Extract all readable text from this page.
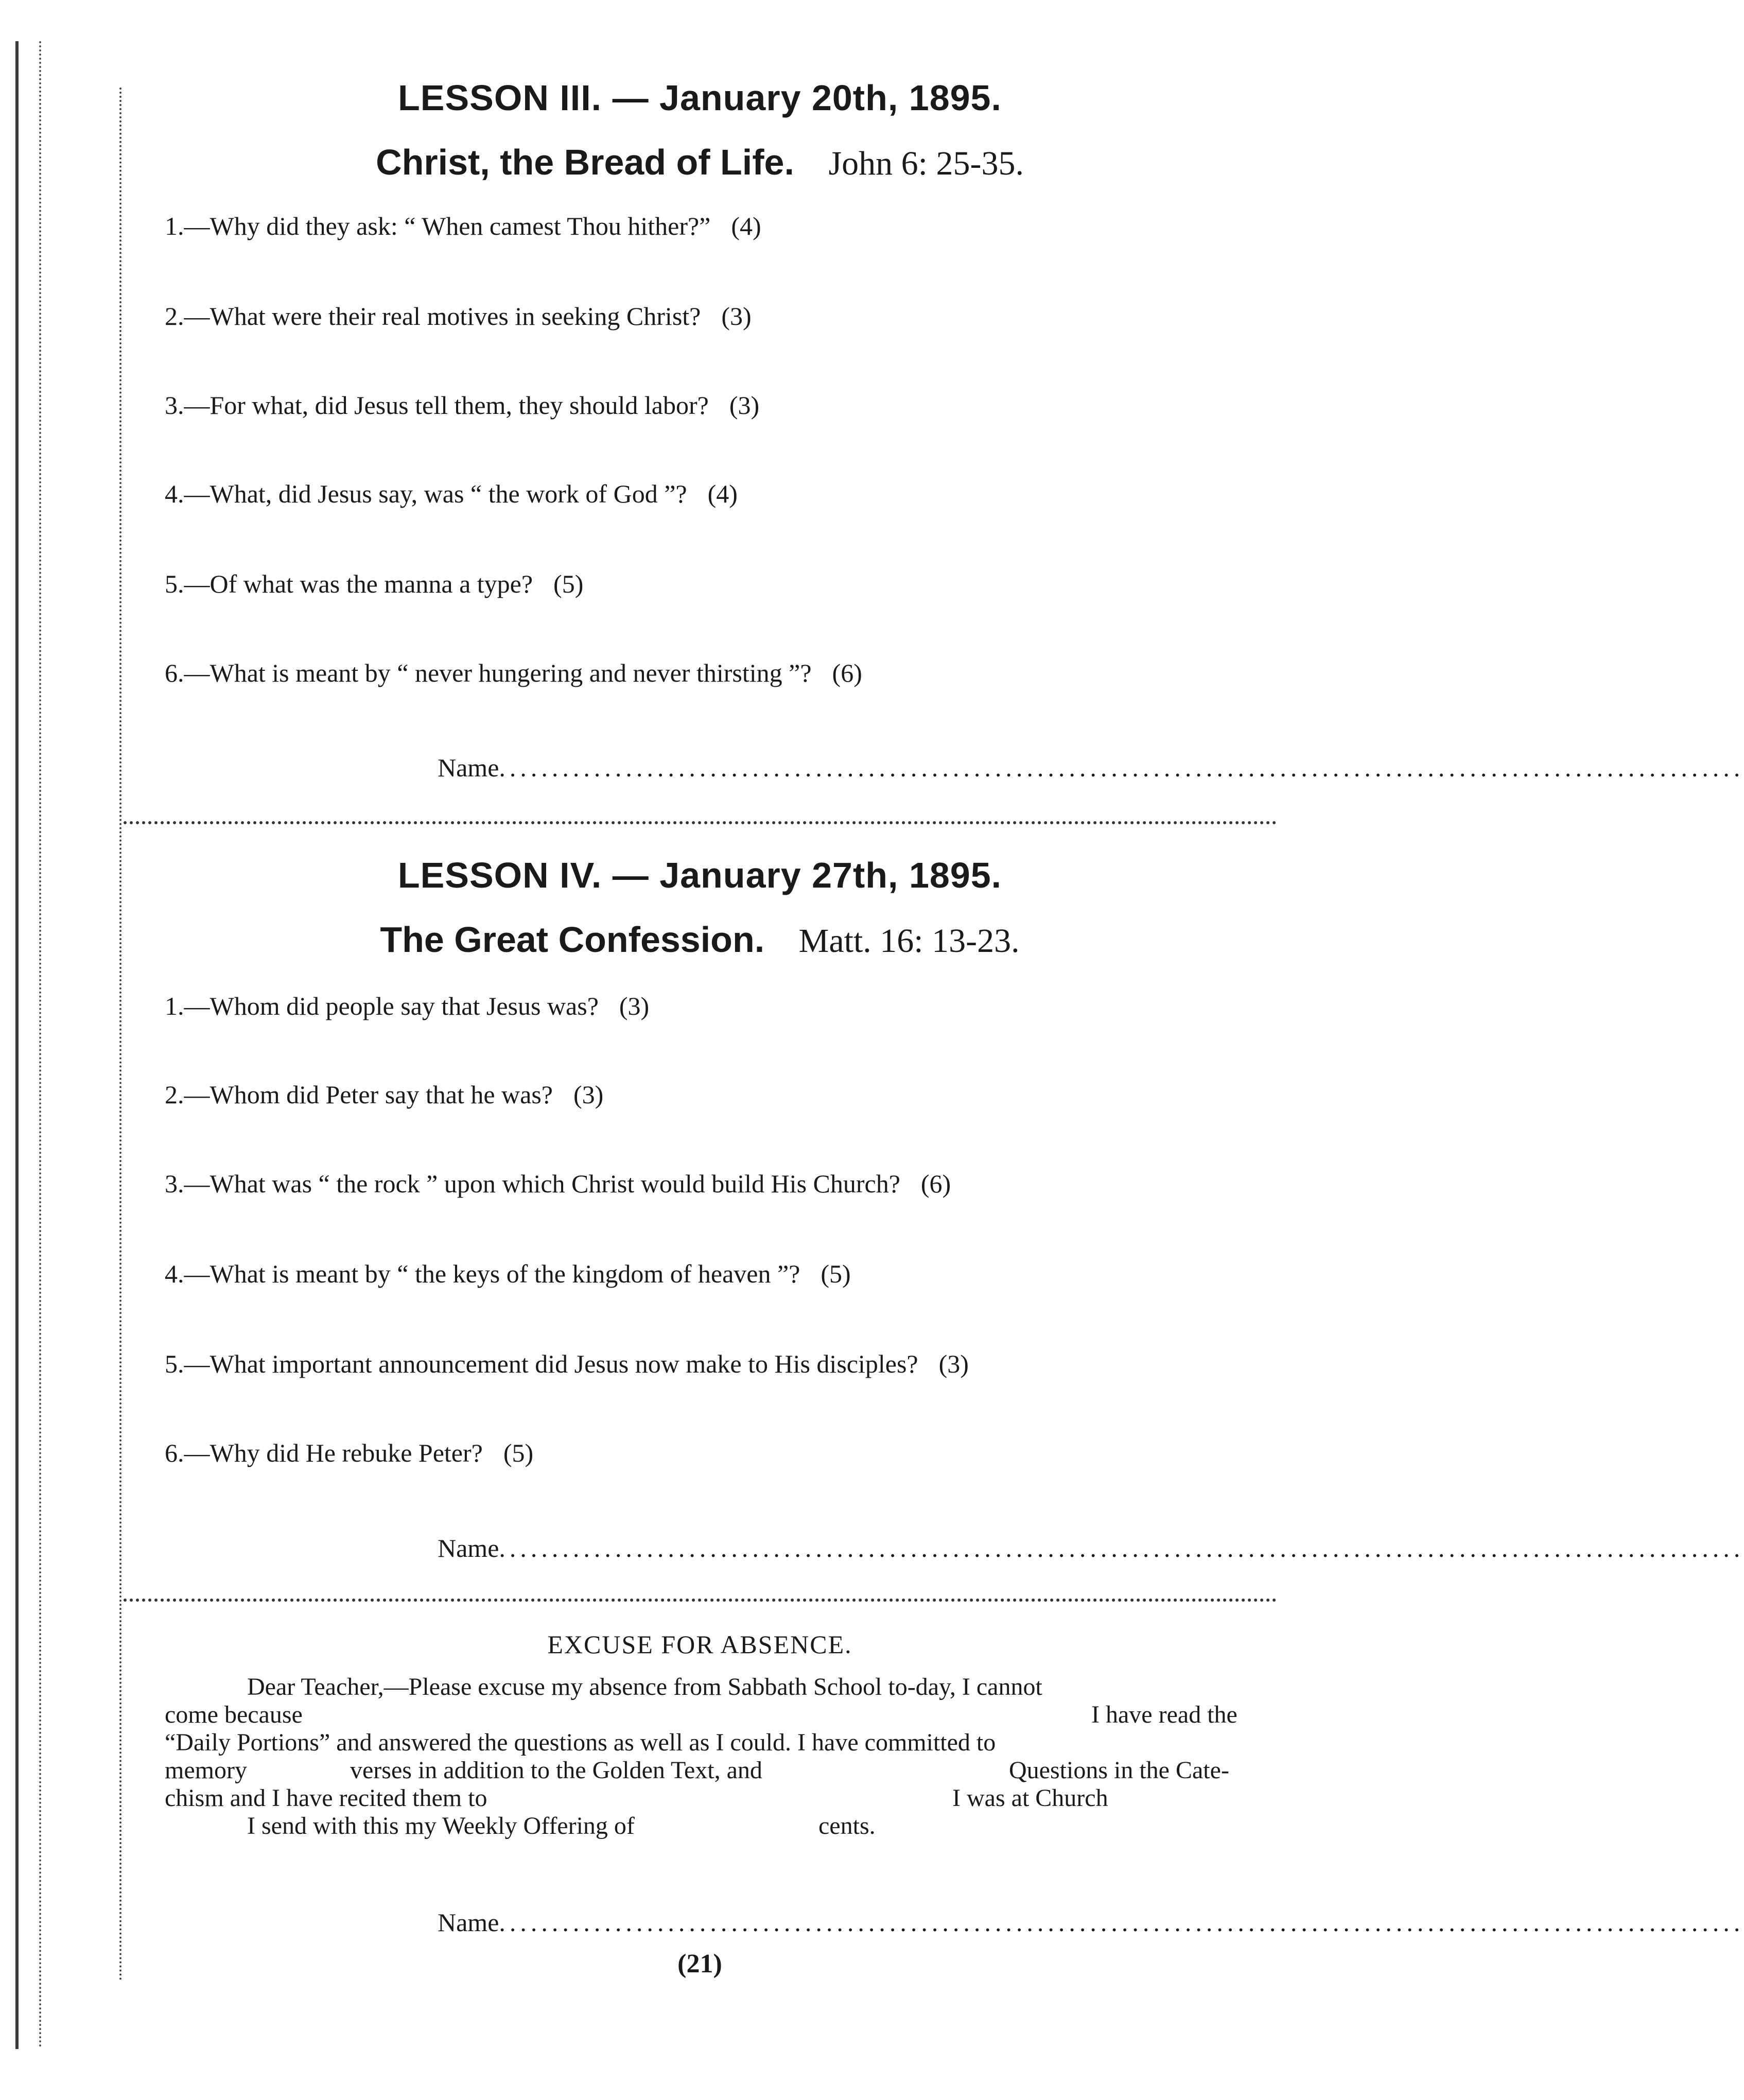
LESSON III. — January 20th, 1895.
Christ, the Bread of Life. John 6: 25-35.
1.—Why did they ask: “ When camest Thou hither?” (4)
2.—What were their real motives in seeking Christ? (3)
3.—For what, did Jesus tell them, they should labor? (3)
4.—What, did Jesus say, was “ the work of God ”? (4)
5.—Of what was the manna a type? (5)
6.—What is meant by “ never hungering and never thirsting ”? (6)
Name......................................................................................................................
LESSON IV. — January 27th, 1895.
The Great Confession. Matt. 16: 13-23.
1.—Whom did people say that Jesus was? (3)
2.—Whom did Peter say that he was? (3)
3.—What was “ the rock ” upon which Christ would build His Church? (6)
4.—What is meant by “ the keys of the kingdom of heaven ”? (5)
5.—What important announcement did Jesus now make to His disciples? (3)
6.—Why did He rebuke Peter? (5)
Name......................................................................................................................
EXCUSE FOR ABSENCE.
Dear Teacher,—Please excuse my absence from Sabbath School to-day, I cannot
come because	I have read the
“Daily Portions” and answered the questions as well as I could. I have committed to
memory	verses in addition to the Golden Text, and	Questions in the Cate-
chism and I have recited them to	I was at Church
I send with this my Weekly Offering of	cents.
Name......................................................................................................................
(21)
